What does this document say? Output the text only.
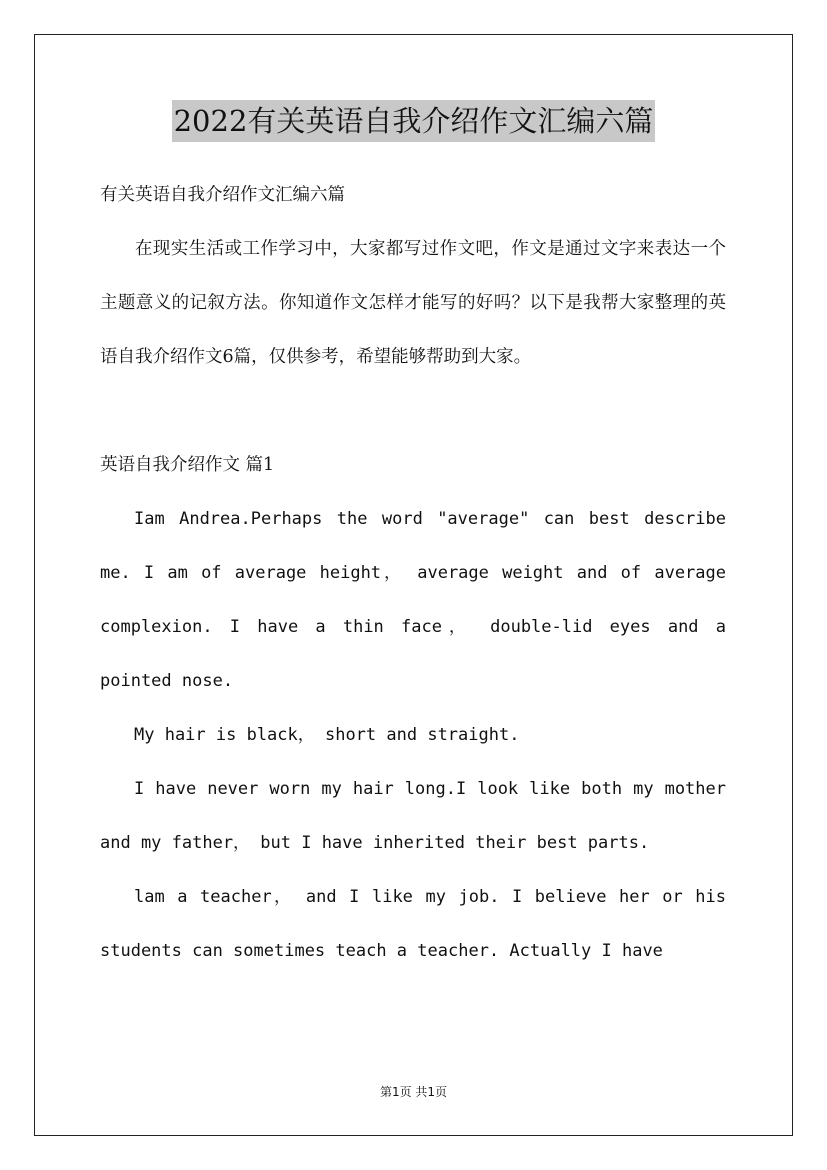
2022有关英语自我介绍作文汇编六篇

有关英语自我介绍作文汇编六篇

在现实生活或工作学习中，大家都写过作文吧，作文是通过文字来表达一个主题意义的记叙方法。你知道作文怎样才能写的好吗？以下是我帮大家整理的英语自我介绍作文6篇，仅供参考，希望能够帮助到大家。

英语自我介绍作文 篇1

Iam Andrea.Perhaps the word "average" can best describe me. I am of average height， average weight and of average complexion. I have a thin face， double-lid eyes and a pointed nose.

My hair is black， short and straight.

I have never worn my hair long.I look like both my mother and my father， but I have inherited their best parts.

lam a teacher， and I like my job. I believe her or his students can sometimes teach a teacher. Actually I have

第1页 共1页
